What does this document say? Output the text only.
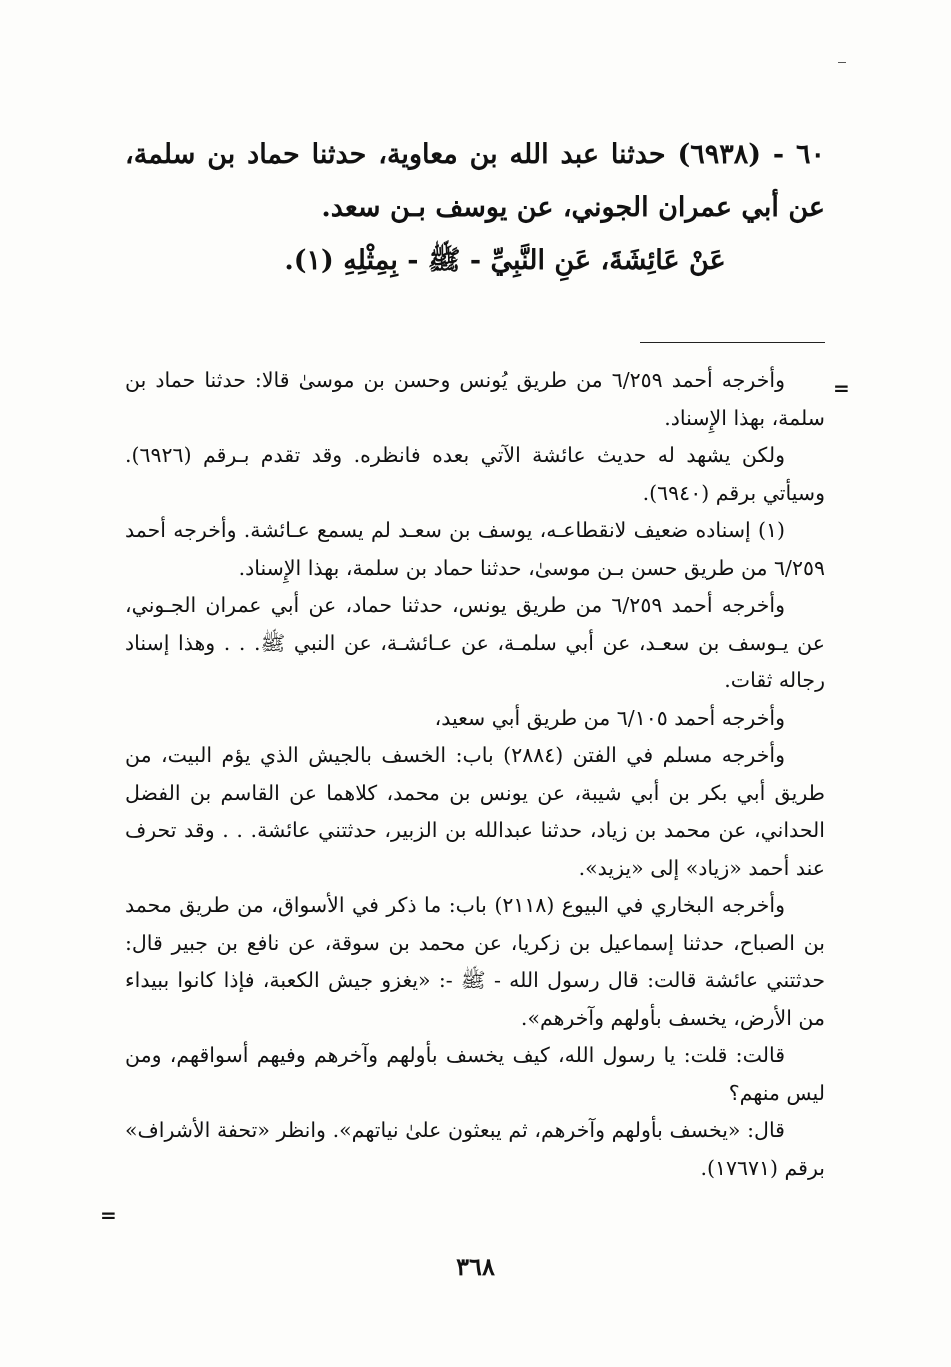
٦٠ - (٦٩٣٨) حدثنا عبد الله بن معاوية، حدثنا حماد بن سلمة، عن أبي عمران الجوني، عن يوسف بـن سعد.

عَنْ عَائِشَةَ، عَنِ النَّبِيِّ - ﷺ - بِمِثْلِهِ (١).

=

وأخرجه أحمد ٦/٢٥٩ من طريق يُونس وحسن بن موسىٰ قالا: حدثنا حماد بن سلمة، بهذا الإِسناد.

ولكن يشهد له حديث عائشة الآتي بعده فانظره. وقد تقدم بـرقم (٦٩٢٦). وسيأتي برقم (٦٩٤٠).

(١) إسناده ضعيف لانقطاعـه، يوسف بن سعـد لم يسمع عـائشة. وأخرجه أحمد ٦/٢٥٩ من طريق حسن بـن موسىٰ، حدثنا حماد بن سلمة، بهذا الإِسناد.

وأخرجه أحمد ٦/٢٥٩ من طريق يونس، حدثنا حماد، عن أبي عمران الجـوني، عن يـوسف بن سعـد، عن أبي سلمـة، عن عـائشـة، عن النبي ﷺ. . . وهذا إسناد رجاله ثقات.

وأخرجه أحمد ٦/١٠٥ من طريق أبي سعيد،

وأخرجه مسلم في الفتن (٢٨٨٤) باب: الخسف بالجيش الذي يؤم البيت، من طريق أبي بكر بن أبي شيبة، عن يونس بن محمد، كلاهما عن القاسم بن الفضل الحداني، عن محمد بن زياد، حدثنا عبدالله بن الزبير، حدثتني عائشة. . . وقد تحرف عند أحمد «زياد» إلى «يزيد».

وأخرجه البخاري في البيوع (٢١١٨) باب: ما ذكر في الأسواق، من طريق محمد بن الصباح، حدثنا إسماعيل بن زكريا، عن محمد بن سوقة، عن نافع بن جبير قال: حدثتني عائشة قالت: قال رسول الله - ﷺ -: «يغزو جيش الكعبة، فإذا كانوا ببيداء من الأرض، يخسف بأولهم وآخرهم».

قالت: قلت: يا رسول الله، كيف يخسف بأولهم وآخرهم وفيهم أسواقهم، ومن ليس منهم؟

قال: «يخسف بأولهم وآخرهم، ثم يبعثون علىٰ نياتهم». وانظر «تحفة الأشراف» برقم (١٧٦٧١).

=
٣٦٨
